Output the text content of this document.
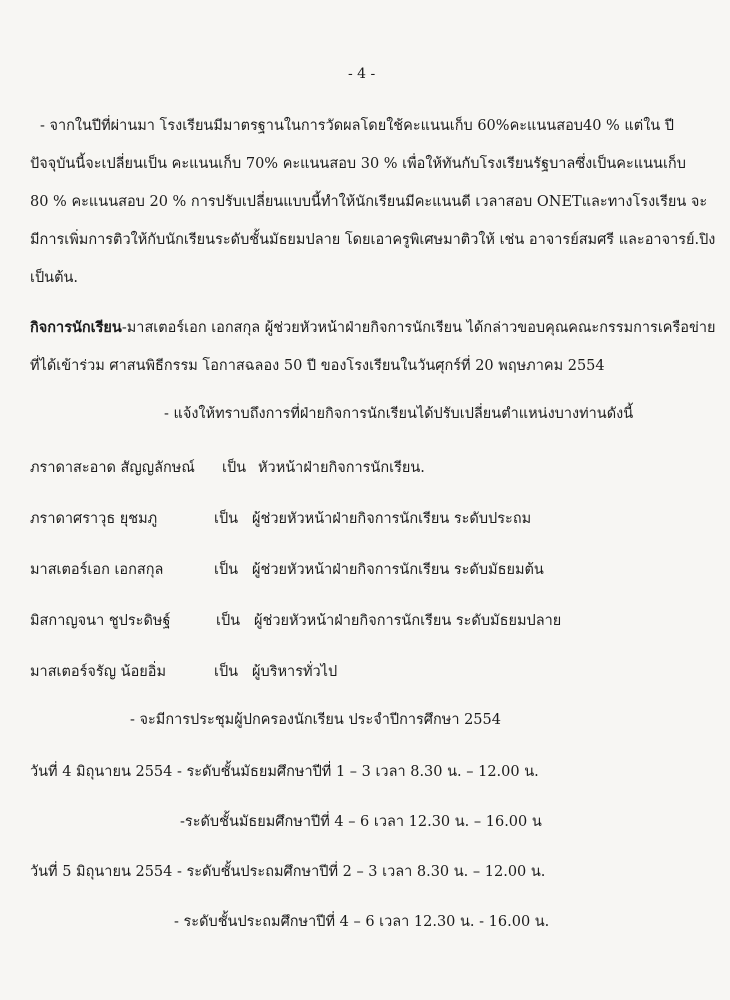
- 4 -
- จากในปีที่ผ่านมา โรงเรียนมีมาตรฐานในการวัดผลโดยใช้คะแนนเก็บ 60%คะแนนสอบ40 % แต่ใน ปี
ปัจจุบันนี้จะเปลี่ยนเป็น คะแนนเก็บ 70% คะแนนสอบ 30 % เพื่อให้ทันกับโรงเรียนรัฐบาลซึ่งเป็นคะแนนเก็บ
80 % คะแนนสอบ 20 % การปรับเปลี่ยนแบบนี้ทำให้นักเรียนมีคะแนนดี เวลาสอบ ONETและทางโรงเรียน จะ
มีการเพิ่มการติวให้กับนักเรียนระดับชั้นมัธยมปลาย โดยเอาครูพิเศษมาติวให้ เช่น อาจารย์สมศรี และอาจารย์.ปิง
เป็นต้น.
กิจการนักเรียน-มาสเตอร์เอก เอกสกุล ผู้ช่วยหัวหน้าฝ่ายกิจการนักเรียน ได้กล่าวขอบคุณคณะกรรมการเครือข่าย
ที่ได้เข้าร่วม ศาสนพิธีกรรม โอกาสฉลอง 50 ปี ของโรงเรียนในวันศุกร์ที่ 20 พฤษภาคม 2554
- แจ้งให้ทราบถึงการที่ฝ่ายกิจการนักเรียนได้ปรับเปลี่ยนตำแหน่งบางท่านดังนี้
ภราดาสะอาด สัญญลักษณ์ เป็น หัวหน้าฝ่ายกิจการนักเรียน.
ภราดาศราวุธ ยุชมภู	เป็น ผู้ช่วยหัวหน้าฝ่ายกิจการนักเรียน ระดับประถม
มาสเตอร์เอก เอกสกุล	เป็น ผู้ช่วยหัวหน้าฝ่ายกิจการนักเรียน ระดับมัธยมต้น
มิสกาญจนา ชูประดิษฐ์	เป็น ผู้ช่วยหัวหน้าฝ่ายกิจการนักเรียน ระดับมัธยมปลาย
มาสเตอร์จรัญ น้อยอิ่ม	เป็น ผู้บริหารทั่วไป
- จะมีการประชุมผู้ปกครองนักเรียน ประจำปีการศึกษา 2554
วันที่ 4 มิถุนายน 2554 - ระดับชั้นมัธยมศึกษาปีที่ 1 – 3 เวลา 8.30 น. – 12.00 น.
-ระดับชั้นมัธยมศึกษาปีที่ 4 – 6 เวลา 12.30 น. – 16.00 น
วันที่ 5 มิถุนายน 2554 - ระดับชั้นประถมศึกษาปีที่ 2 – 3 เวลา 8.30 น. – 12.00 น.
- ระดับชั้นประถมศึกษาปีที่ 4 – 6 เวลา 12.30 น. - 16.00 น.
